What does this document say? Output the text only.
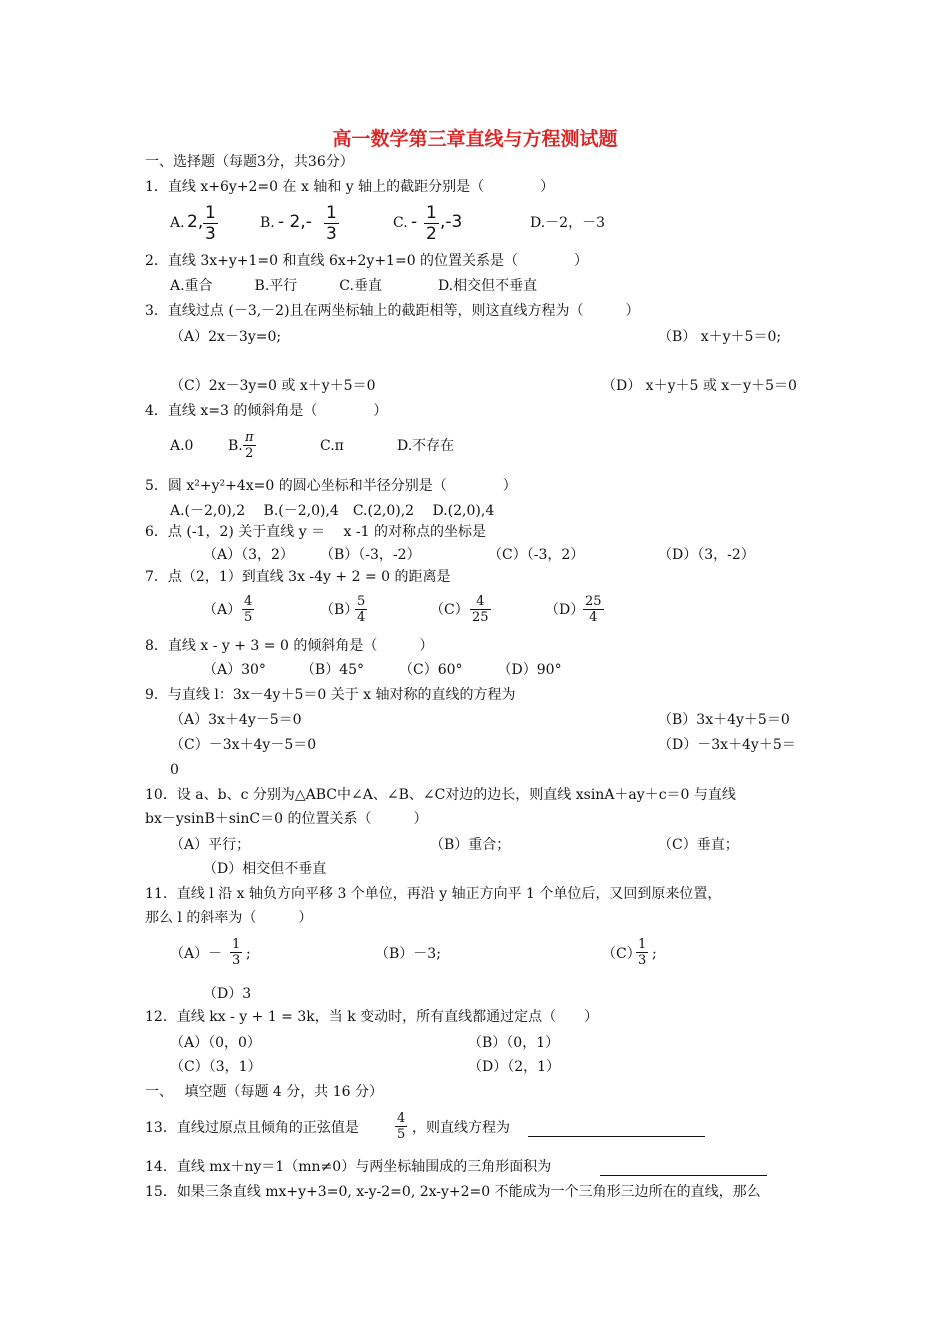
高一数学第三章直线与方程测试题
一、选择题（每题3分，共36分）
1．直线 x+6y+2=0 在 x 轴和 y 轴上的截距分别是（　　　　）
A. 2, $\frac{1}{3}$	B. - $2,- \frac{1}{3}$	C. - $\frac{1}{2} ,-3$	D.－2，－3
2．直线 3x+y+1=0 和直线 6x+2y+1=0 的位置关系是（　　　　）
A.重合　　　B.平行　　　C.垂直　　　　D.相交但不垂直
3．直线过点 (－3,－2)且在两坐标轴上的截距相等，则这直线方程为（　　　）
（A）2x－3y=0;	（B） x＋y＋5＝0;
（C）2x－3y=0 或 x＋y＋5＝0	（D） x＋y＋5 或 x－y＋5＝0
4．直线 x=3 的倾斜角是（　　　　）
A.0 B. $\frac{\pi}{2}$	C.π	D.不存在
5．圆 x²+y²+4x=0 的圆心坐标和半径分别是（　　　　）
A.(－2,0),2　 B.(－2,0),4　C.(2,0),2　 D.(2,0),4
6．点 (-1，2) 关于直线 y ＝ 　x -1 的对称点的坐标是
（A）（3，2） （B）（-3，-2）	（C）（-3，2）	（D）（3，-2）
7．点（2，1）到直线 3x -4y + 2 = 0 的距离是
$(A) \frac{4}{5}$	（B）
$\frac{5}{4}$	$(C) \frac{4}{25}$	（D）
$\frac{25}{4}$
8．直线 x - y + 3 = 0 的倾斜角是（　　　）
（A）30°　　　（B）45°　　　（C）60°　　　（D）90°
9．与直线 l：3x－4y＋5＝0 关于 x 轴对称的直线的方程为
（A）3x＋4y－5＝0	（B）3x＋4y＋5＝0
（C）－3x＋4y－5＝0	（D）－3x＋4y＋5＝
0
10．设 a、b、c 分别为△ABC中∠A、∠B、∠C对边的边长，则直线 xsinA＋ay＋c＝0 与直线
bx－ysinB＋sinC＝0 的位置关系（　　　）
（A）平行；	（B）重合；	（C）垂直；
（D）相交但不垂直
11．直线 l 沿 x 轴负方向平移 3 个单位，再沿 y 轴正方向平 1 个单位后，又回到原来位置，
那么 l 的斜率为（　　　）
$(A)- \frac{1}{3}$ ;	（B）－3;	（C）
$\frac{1}{3}$ ;
（D）3
12．直线 kx - y + 1 = 3k，当 k 变动时，所有直线都通过定点（　　）
（A）（0，0）	（B）（0，1）
（C）（3，1）	（D）（2，1）
一、　 填空题（每题 4 分，共 16 分）
13．直线过原点且倾角的正弦值是	$\frac{4}{5}$ ，则直线方程为
14．直线 mx＋ny＝1（mn≠0）与两坐标轴围成的三角形面积为
15．如果三条直线 mx+y+3=0, x-y-2=0, 2x-y+2=0 不能成为一个三角形三边所在的直线，那么
